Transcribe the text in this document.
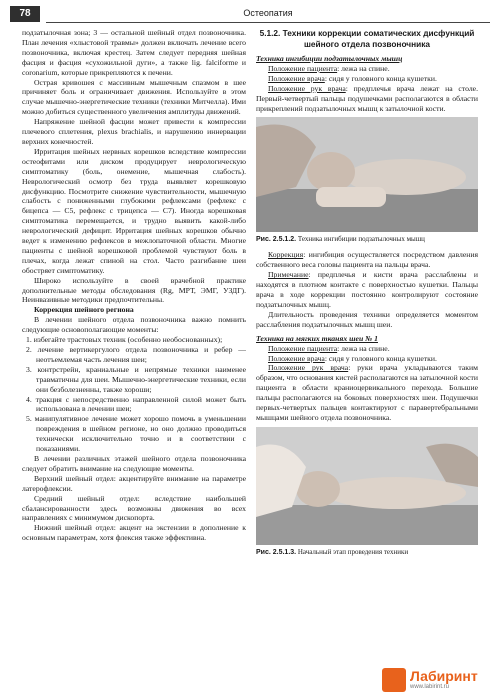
78	Остеопатия

подзатылочная зона; 3 — остальной шейный отдел позвоночника. План лечения «хлыстовой травмы» должен включать лечение всего позвоночника, включая крестец. Затем следует передняя шейная фасция и фасция «сухожильной дуги», а также lig. falciforme и coronarium, которые прикрепляются к печени.

Острая кривошея с массивным мышечным спазмом в шее причиняет боль и ограничивает движения. Используйте в этом случае мышечно-энергетические техники (техники Митчелла). Ими можно добиться существенного увеличения амплитуды движений.

Напряжение шейной фасции может привести к компрессии плечевого сплетения, plexus brachialis, и нарушению иннервации верхних конечностей.

Ирритация шейных нервных корешков вследствие компрессии остеофитами или диском продуцирует неврологическую симптоматику (боль, онемение, мышечная слабость). Неврологический осмотр без труда выявляет корешковую дисфункцию. Посмотрите снижение чувствительности, мышечную слабость с пониженными глубокими рефлексами (рефлекс с бицепса — С5, рефлекс с трицепса — С7). Иногда корешковая симптоматика перемещается, и трудно выявить какой-либо неврологический дефицит. Ирритация шейных корешков обычно ведет к изменению рефлексов в межлопаточной области. Многие пациенты с шейной корешковой проблемой чувствуют боль в плечах, когда лежат спиной на стол. Часто разгибание шеи обостряет симптоматику.

Широко используйте в своей врачебной практике дополнительные методы обследования (Rg, МРТ, ЭМГ, УЗДГ). Неинвазивные методики предпочтительны.

Коррекция шейного региона

В лечении шейного отдела позвоночника важно помнить следующие основополагающие моменты:

1. избегайте трастовых техник (особенно необоснованных);

2. лечение вертикергулого отдела позвоночника и ребер — неотъемлемая часть лечения шеи;

3. контрстрейн, краниальные и непрямые техники наименее травматичны для шеи. Мышечно-энергетические техники, если они безболезненны, также хороши;

4. тракция с непосредственно направленной силой может быть использована в лечении шеи;

5. манипулятивное лечение может хорошо помочь в уменьшении повреждения в шейном регионе, но оно должно проводиться технически исключительно точно и в соответствии с показаниями.

В лечении различных этажей шейного отдела позвоночника следует обратить внимание на следующие моменты.

Верхний шейный отдел: акцентируйте внимание на параметре латерофлексии.

Средний шейный отдел: вследствие наибольшей сбалансированности здесь возможны движения во всех направлениях с минимумом дископорта.

Нижний шейный отдел: акцент на экстензии в дополнение к основным параметрам, хотя флексия также эффективна.

5.1.2. Техники коррекции соматических дисфункций шейного отдела позвоночника

Техника ингибиции подзатылочных мышц

Положение пациента: лежа на спине.

Положение врача: сидя у головного конца кушетки.

Положение рук врача: предплечья врача лежат на столе. Первый-четвертый пальцы подушечками располагаются в области прикреплений подзатылочных мышц к затылочной кости.

Рис. 2.5.1.2. Техника ингибиции подзатылочных мышц

Коррекция: ингибиция осуществляется посредством давления собственного веса головы пациента на пальцы врача.

Примечание: предплечья и кисти врача расслаблены и находятся в плотном контакте с поверхностью кушетки. Пальцы врача в ходе коррекции постоянно контролируют состояние подзатылочных мышц.

Длительность проведения техники определяется моментом расслабления подзатылочных мышц шеи.

Техника на мягких тканях шеи № 1

Положение пациента: лежа на спине.

Положение врача: сидя у головного конца кушетки.

Положение рук врача: руки врача укладываются таким образом, что основания кистей располагаются на затылочной кости пациента в области краниоцервикального перехода. Большие пальцы располагаются на боковых поверхностях шеи. Подушечки первых-четвертых пальцев контактируют с паравертебральными мышцами шейного отдела позвоночника.

Рис. 2.5.1.3. Начальный этап проведения техники

Лабиринт
www.labirint.ru
